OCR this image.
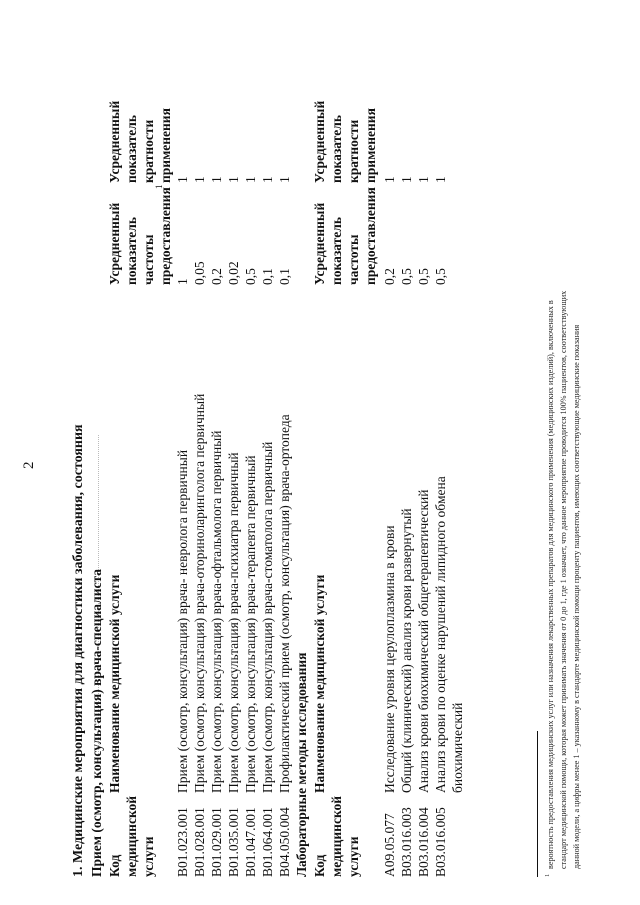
2 1. Медицинские мероприятия для диагностики заболевания, состояния Прием (осмотр, консультация) врача-специалиста Код медицинской услуги
Наименование медицинской услуги
Усредненный показатель частоты предоставления
1
Усредненный показатель кратности применения
B01.023.001
Прием (осмотр, консультация) врача- невролога первичный
1
1
B01.028.001
Прием (осмотр, консультация) врача-оториноларинголога первичный
0,05
1
B01.029.001
Прием (осмотр, консультация) врача-офтальмолога первичный
0,2
1
B01.035.001
Прием (осмотр, консультация) врача-психиатра первичный
0,02
1
B01.047.001
Прием (осмотр, консультация) врача-терапевта первичный
0,5
1
B01.064.001
Прием (осмотр, консультация) врача-стоматолога первичный
0,1
1
B04.050.004
Профилактический прием (осмотр, консультация) врача-ортопеда
0,1
1
Лабораторные методы исследования Код медицинской услуги
Наименование медицинской услуги
Усредненный показатель частоты предоставления
Усредненный показатель кратности применения
A09.05.077
Исследование уровня церулоплазмина в крови
0,2
1
B03.016.003
Общий (клинический) анализ крови развернутый
0,5
1
B03.016.004
Анализ крови биохимический общетерапевтический
0,5
1
B03.016.005
Анализ крови по оценке нарушений липидного обмена биохимический
0,5
1
1
вероятность предоставления медицинских услуг или назначения лекарственных препаратов для медицинского применения (медицинских изделий), включенных в стандарт медицинской помощи, которая может принимать значения от 0 до 1, где 1 означает, что данное мероприятие проводится 100% пациентов, соответствующих данной модели, а цифры менее 1 – указанному в стандарте медицинской помощи проценту пациентов, имеющих соответствующие медицинские показания
